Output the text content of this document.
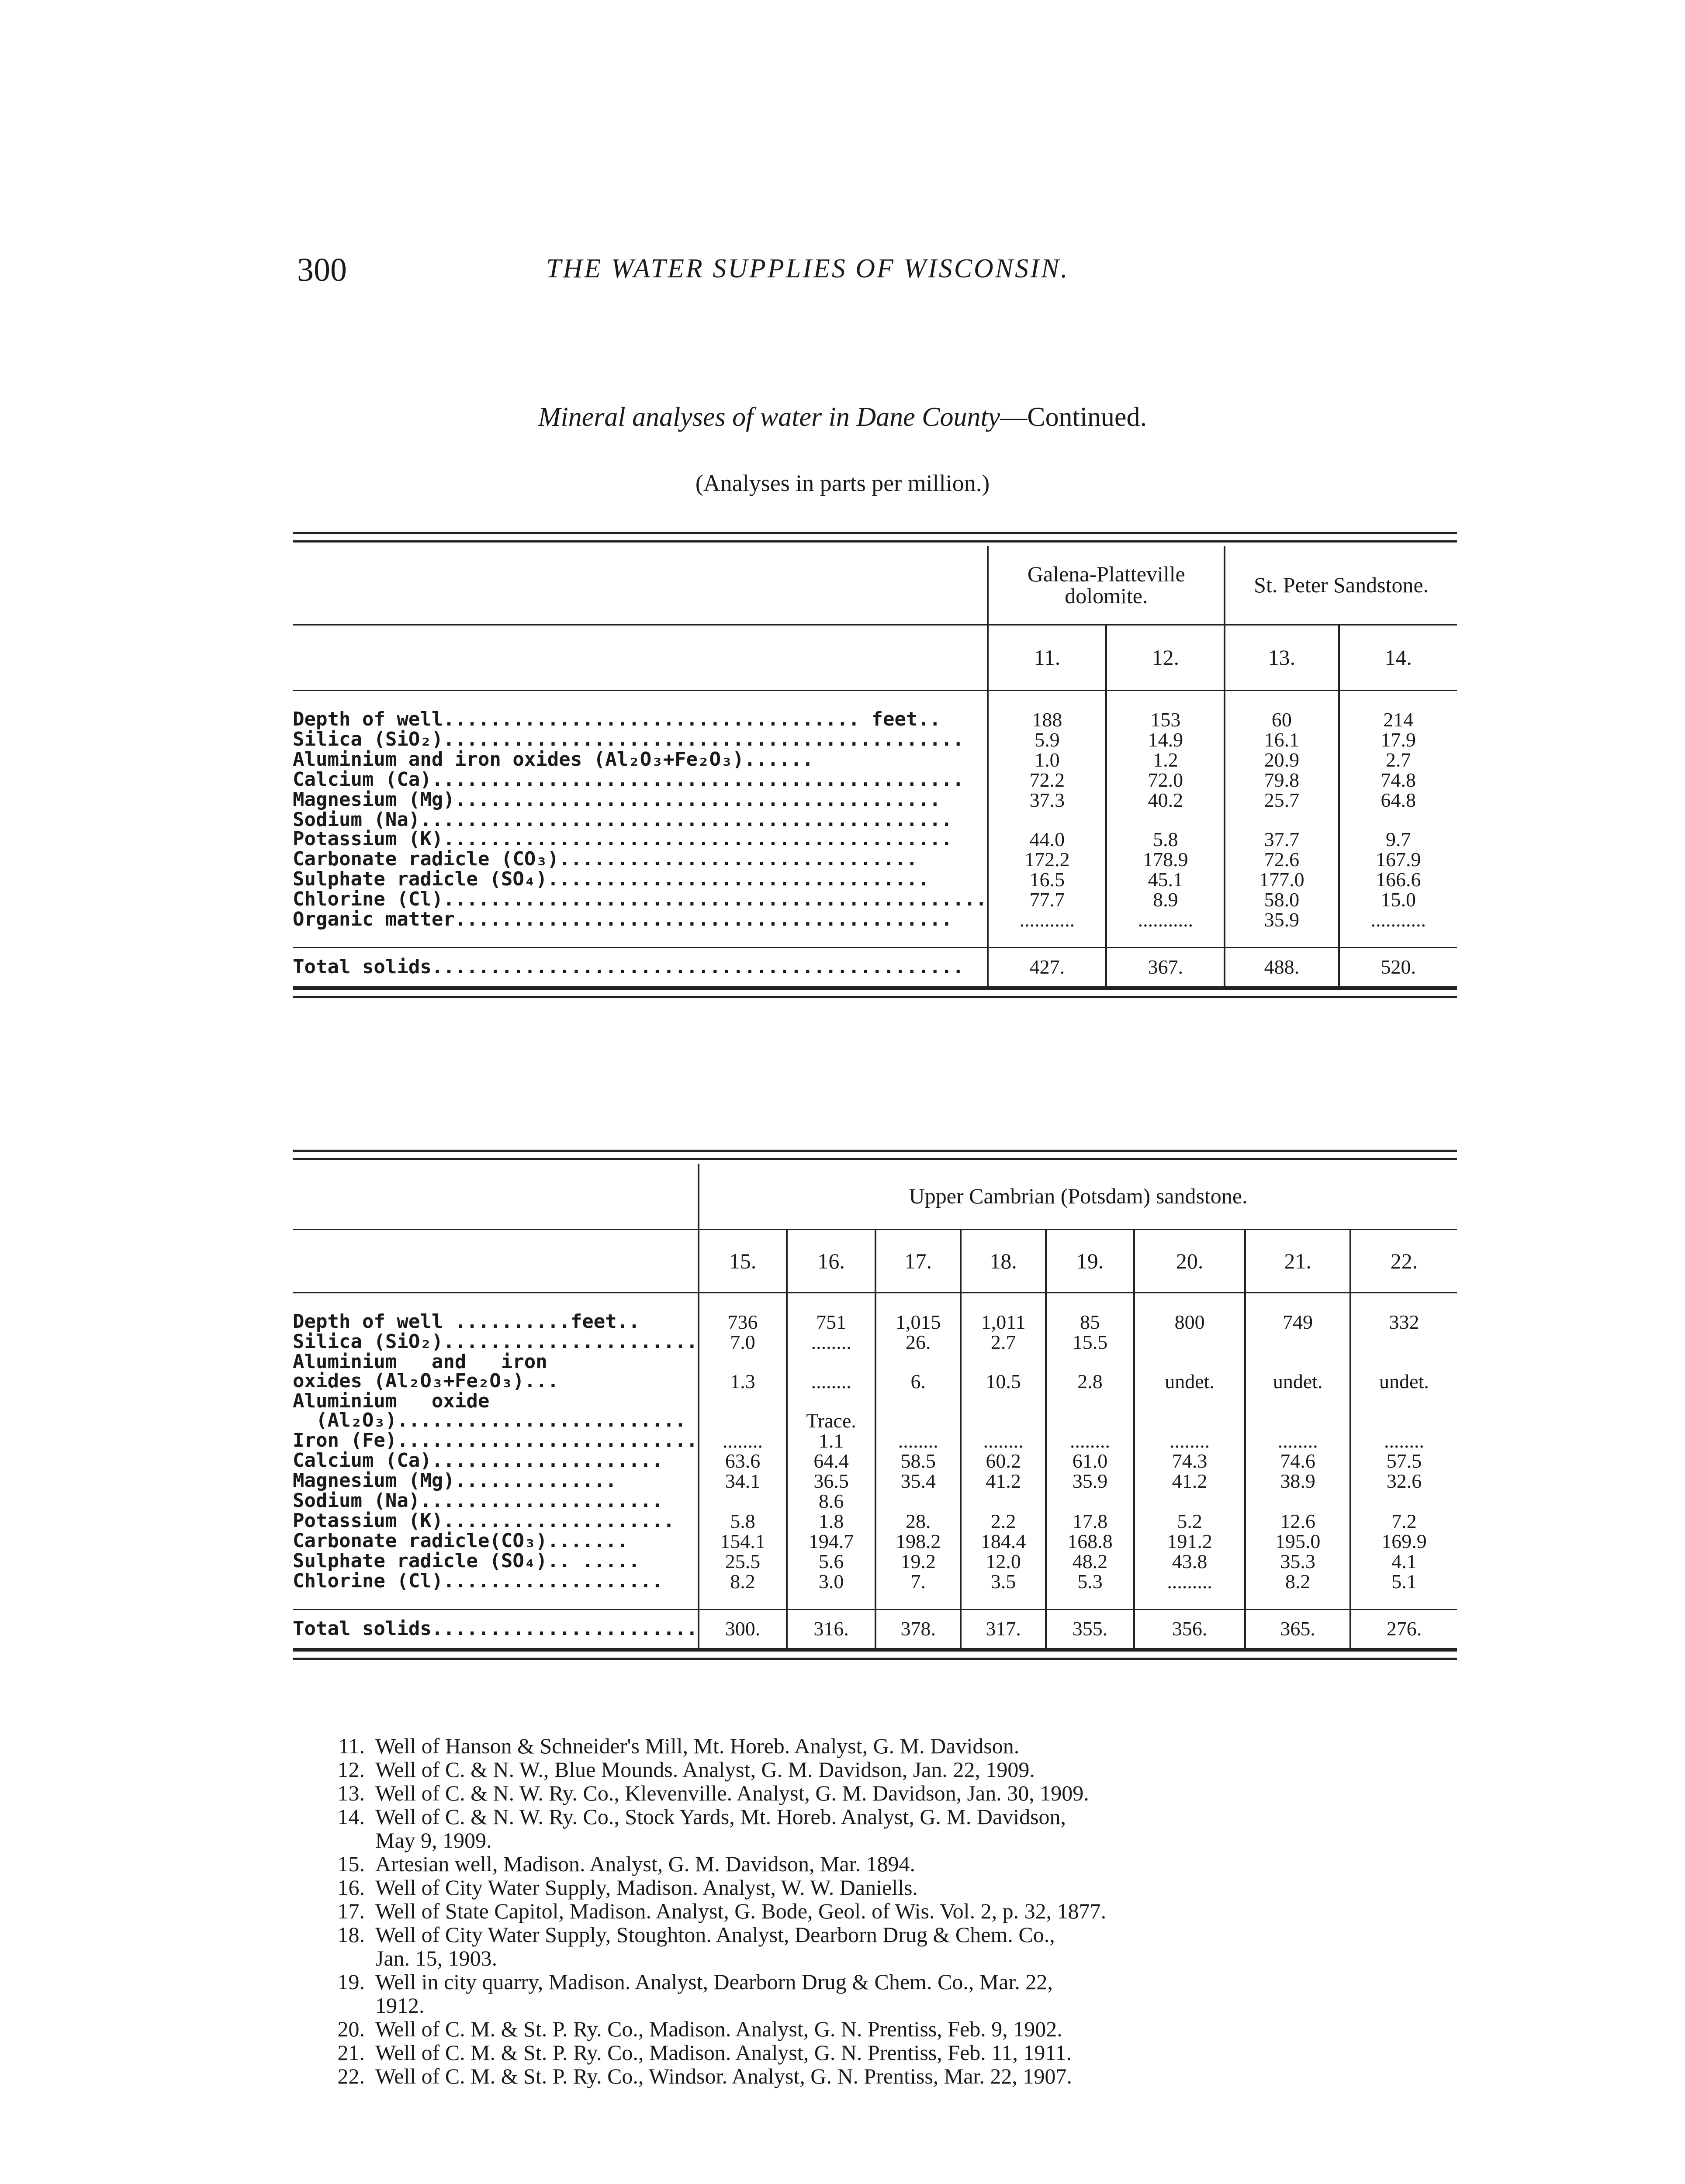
300	THE WATER SUPPLIES OF WISCONSIN.
Mineral analyses of water in Dane County—Continued.
(Analyses in parts per million.)
	Galena-Platteville dolomite.		St. Peter Sandstone.	
	11.	12.	13.	14.

Depth of well.................................... feet..	188	153	60	214
Silica (SiO₂).............................................	5.9	14.9	16.1	17.9
Aluminium and iron oxides (Al₂O₃+Fe₂O₃)......	1.0	1.2	20.9	2.7
Calcium (Ca)..............................................	72.2	72.0	79.8	74.8
Magnesium (Mg)..........................................	37.3	40.2	25.7	64.8
Sodium (Na)..............................................				
Potassium (K)............................................	44.0	5.8	37.7	9.7
Carbonate radicle (CO₃)...............................	172.2	178.9	72.6	167.9
Sulphate radicle (SO₄).................................	16.5	45.1	177.0	166.6
Chlorine (Cl)...............................................	77.7	8.9	58.0	15.0
Organic matter...........................................	...........	...........	35.9	...........

Total solids..............................................	427.	367.	488.	520.

	Upper Cambrian (Potsdam) sandstone.							
	15.	16.	17.	18.	19.	20.	21.	22.

Depth of well ..........feet..	736	751	1,015	1,011	85	800	749	332
Silica (SiO₂)......................	7.0	........	26.	2.7	15.5			
Aluminium   and   iron								
oxides (Al₂O₃+Fe₂O₃)...	1.3	........	6.	10.5	2.8	undet.	undet.	undet.
Aluminium   oxide								
(Al₂O₃).........................		Trace.						
Iron (Fe)..........................	........	1.1	........	........	........	........	........	........
Calcium (Ca)....................	63.6	64.4	58.5	60.2	61.0	74.3	74.6	57.5
Magnesium (Mg)..............	34.1	36.5	35.4	41.2	35.9	41.2	38.9	32.6
Sodium (Na).....................		8.6						
Potassium (K)....................	5.8	1.8	28.	2.2	17.8	5.2	12.6	7.2
Carbonate radicle(CO₃).......	154.1	194.7	198.2	184.4	168.8	191.2	195.0	169.9
Sulphate radicle (SO₄).. .....	25.5	5.6	19.2	12.0	48.2	43.8	35.3	4.1
Chlorine (Cl)...................	8.2	3.0	7.	3.5	5.3	.........	8.2	5.1

Total solids.......................	300.	316.	378.	317.	355.	356.	365.	276.

11. Well of Hanson & Schneider's Mill, Mt. Horeb. Analyst, G. M. Davidson.
12. Well of C. & N. W., Blue Mounds. Analyst, G. M. Davidson, Jan. 22, 1909.
13. Well of C. & N. W. Ry. Co., Klevenville. Analyst, G. M. Davidson, Jan. 30, 1909.
14. Well of C. & N. W. Ry. Co., Stock Yards, Mt. Horeb. Analyst, G. M. Davidson,
May 9, 1909.
15. Artesian well, Madison. Analyst, G. M. Davidson, Mar. 1894.
16. Well of City Water Supply, Madison. Analyst, W. W. Daniells.
17. Well of State Capitol, Madison. Analyst, G. Bode, Geol. of Wis. Vol. 2, p. 32, 1877.
18. Well of City Water Supply, Stoughton. Analyst, Dearborn Drug & Chem. Co.,
Jan. 15, 1903.
19. Well in city quarry, Madison. Analyst, Dearborn Drug & Chem. Co., Mar. 22,
1912.
20. Well of C. M. & St. P. Ry. Co., Madison. Analyst, G. N. Prentiss, Feb. 9, 1902.
21. Well of C. M. & St. P. Ry. Co., Madison. Analyst, G. N. Prentiss, Feb. 11, 1911.
22. Well of C. M. & St. P. Ry. Co., Windsor. Analyst, G. N. Prentiss, Mar. 22, 1907.
